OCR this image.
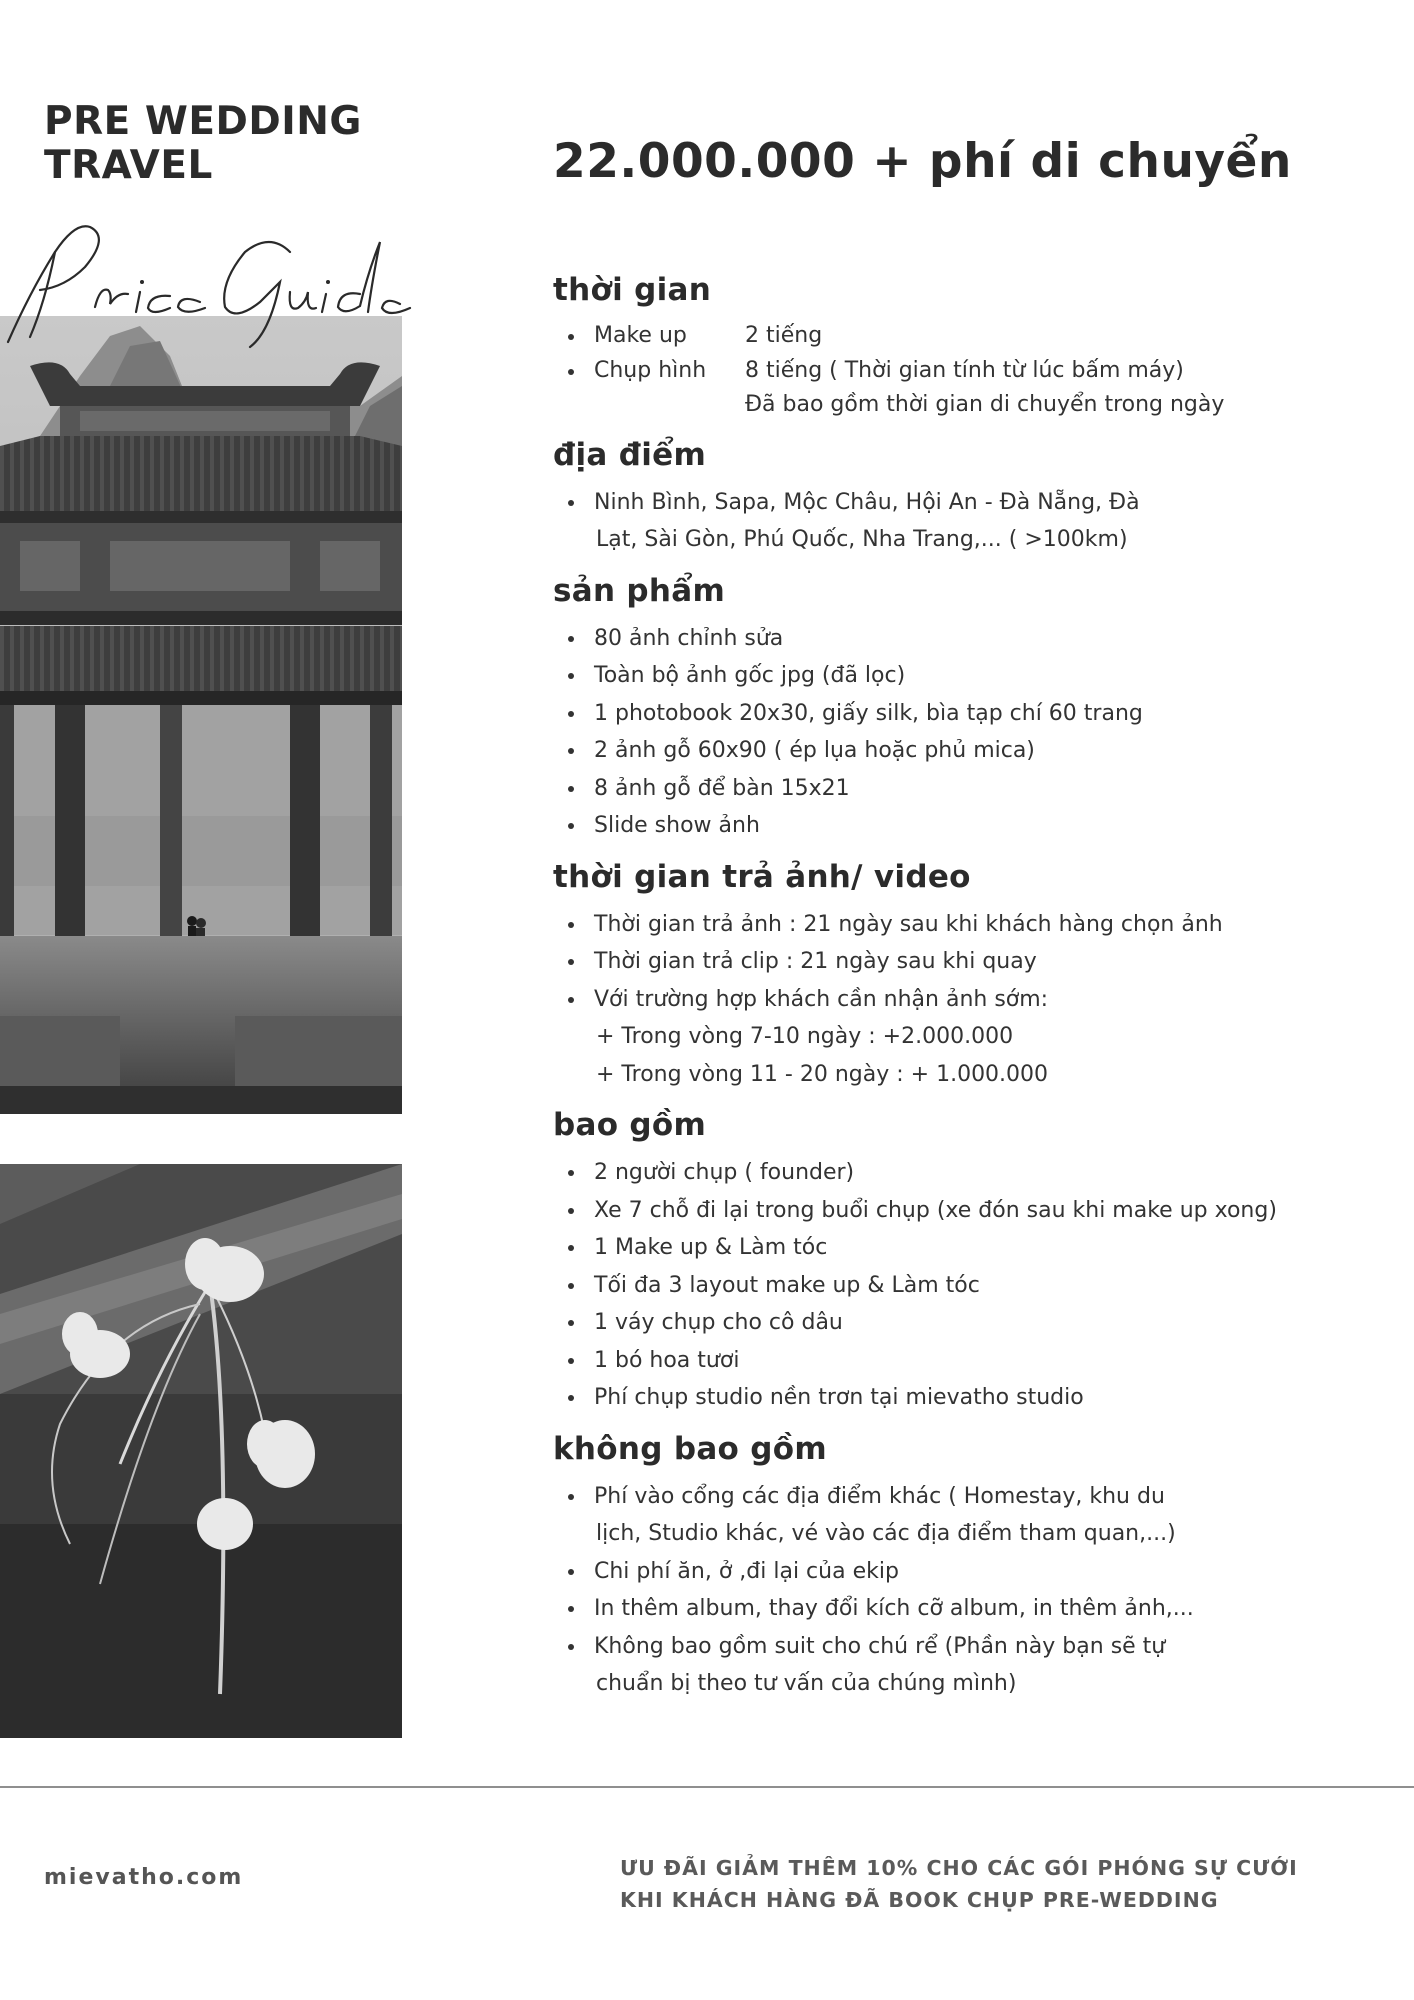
PRE WEDDING
TRAVEL	22.000.000 + phí di chuyển
thời gian
Make up	2 tiếng
Chụp hình 8 tiếng ( Thời gian tính từ lúc bấm máy)
Đã bao gồm thời gian di chuyển trong ngày
địa điểm
Ninh Bình, Sapa, Mộc Châu, Hội An - Đà Nẵng, Đà
Lạt, Sài Gòn, Phú Quốc, Nha Trang,... ( >100km)
sản phẩm
80 ảnh chỉnh sửa
Toàn bộ ảnh gốc jpg (đã lọc)
1 photobook 20x30, giấy silk, bìa tạp chí 60 trang
2 ảnh gỗ 60x90 ( ép lụa hoặc phủ mica)
8 ảnh gỗ để bàn 15x21
Slide show ảnh
thời gian trả ảnh/ video
Thời gian trả ảnh : 21 ngày sau khi khách hàng chọn ảnh
Thời gian trả clip : 21 ngày sau khi quay
Với trường hợp khách cần nhận ảnh sớm:
+ Trong vòng 7-10 ngày : +2.000.000
+ Trong vòng 11 - 20 ngày : + 1.000.000
bao gồm
2 người chụp ( founder)
Xe 7 chỗ đi lại trong buổi chụp (xe đón sau khi make up xong)
1 Make up & Làm tóc
Tối đa 3 layout make up & Làm tóc
1 váy chụp cho cô dâu
1 bó hoa tươi
Phí chụp studio nền trơn tại mievatho studio
không bao gồm
Phí vào cổng các địa điểm khác ( Homestay, khu du
lịch, Studio khác, vé vào các địa điểm tham quan,...)
Chi phí ăn, ở ,đi lại của ekip
In thêm album, thay đổi kích cỡ album, in thêm ảnh,...
Không bao gồm suit cho chú rể (Phần này bạn sẽ tự
chuẩn bị theo tư vấn của chúng mình)

mievatho.com	ƯU ĐÃI GIẢM THÊM 10% CHO CÁC GÓI PHÓNG SỰ CƯỚI
KHI KHÁCH HÀNG ĐÃ BOOK CHỤP PRE-WEDDING
